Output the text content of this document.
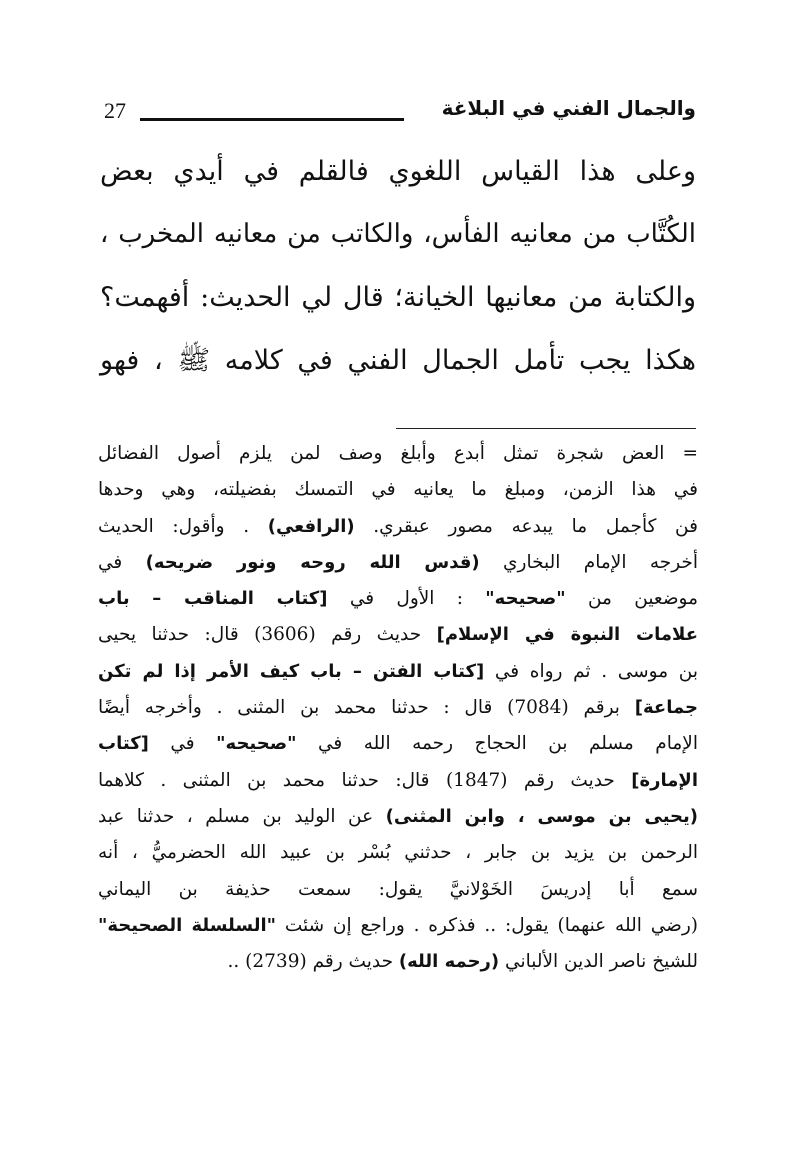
27	والجمال الفني في البلاغة
وعلى هذا القياس اللغوي فالقلم في أيدي بعض
الكُتَّاب من معانيه الفأس، والكاتب من معانيه المخرب ،
والكتابة من معانيها الخيانة؛ قال لي الحديث: أفهمت؟
هكذا يجب تأمل الجمال الفني في كلامه ﷺ ، فهو
= العض شجرة تمثل أبدع وأبلغ وصف لمن يلزم أصول الفضائل
في هذا الزمن، ومبلغ ما يعانيه في التمسك بفضيلته، وهي وحدها
فن كأجمل ما يبدعه مصور عبقري. (الرافعي) . وأقول: الحديث
أخرجه الإمام البخاري (قدس الله روحه ونور ضريحه) في
موضعين من "صحيحه" : الأول في [كتاب المناقب – باب
علامات النبوة في الإسلام] حديث رقم (3606) قال: حدثنا يحيى
بن موسى . ثم رواه في [كتاب الفتن – باب كيف الأمر إذا لم تكن
جماعة] برقم (7084) قال : حدثنا محمد بن المثنى . وأخرجه أيضًا
الإمام مسلم بن الحجاج رحمه الله في "صحيحه" في [كتاب
الإمارة] حديث رقم (1847) قال: حدثنا محمد بن المثنى . كلاهما
(يحيى بن موسى ، وابن المثنى) عن الوليد بن مسلم ، حدثنا عبد
الرحمن بن يزيد بن جابر ، حدثني بُسْر بن عبيد الله الحضرميُّ ، أنه
سمع أبا إدريسَ الخَوْلانيَّ يقول: سمعت حذيفة بن اليماني
(رضي الله عنهما) يقول: .. فذكره . وراجع إن شئت "السلسلة الصحيحة"
للشيخ ناصر الدين الألباني (رحمه الله) حديث رقم (2739) ..
